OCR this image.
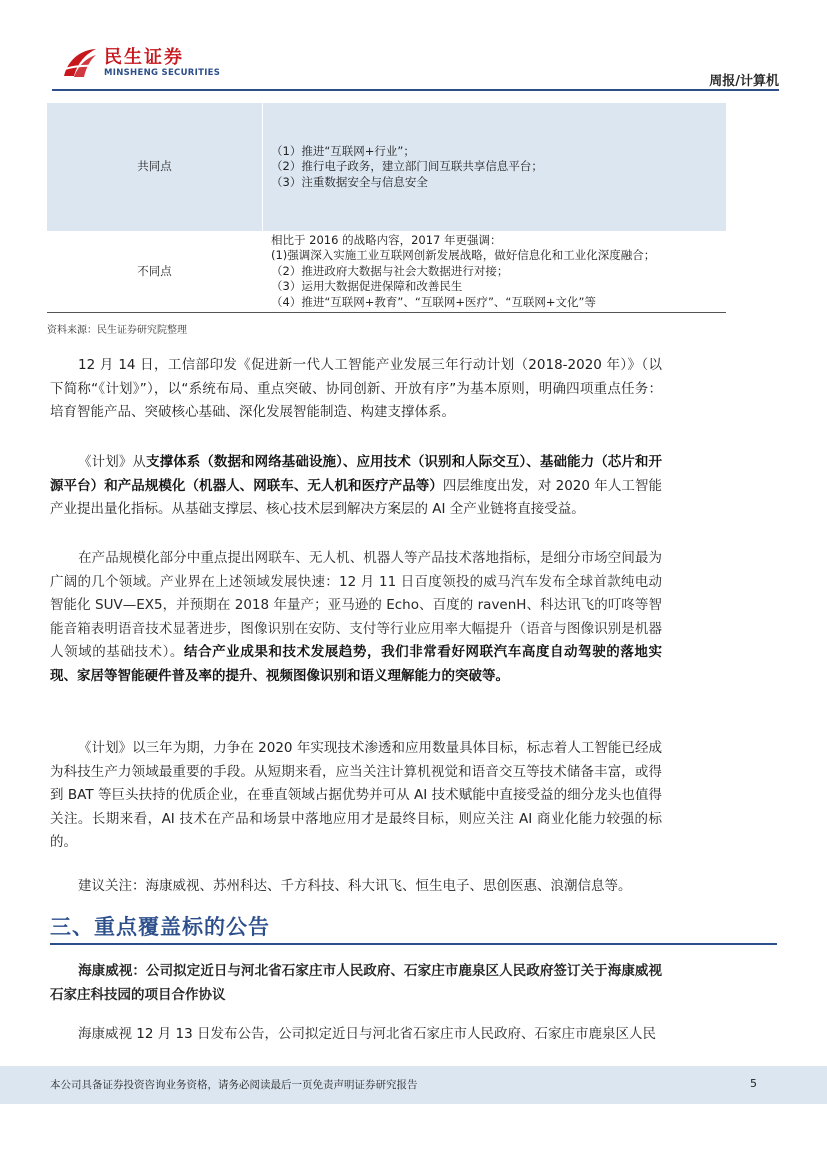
民生证券
MINSHENG SECURITIES
周报/计算机
共同点
（1）推进“互联网+行业”；
（2）推行电子政务，建立部门间互联共享信息平台；
（3）注重数据安全与信息安全
不同点
相比于 2016 的战略内容，2017 年更强调：
(1)强调深入实施工业互联网创新发展战略，做好信息化和工业化深度融合；
（2）推进政府大数据与社会大数据进行对接；
（3）运用大数据促进保障和改善民生
（4）推进“互联网+教育”、“互联网+医疗”、“互联网+文化”等
资料来源：民生证券研究院整理
12 月 14 日，工信部印发《促进新一代人工智能产业发展三年行动计划（2018-2020 年）》（以下简称“《计划》”），以“系统布局、重点突破、协同创新、开放有序”为基本原则，明确四项重点任务：培育智能产品、突破核心基础、深化发展智能制造、构建支撑体系。
《计划》从支撑体系（数据和网络基础设施）、应用技术（识别和人际交互）、基础能力（芯片和开源平台）和产品规模化（机器人、网联车、无人机和医疗产品等）四层维度出发，对 2020 年人工智能产业提出量化指标。从基础支撑层、核心技术层到解决方案层的 AI 全产业链将直接受益。
在产品规模化部分中重点提出网联车、无人机、机器人等产品技术落地指标，是细分市场空间最为广阔的几个领域。产业界在上述领域发展快速：12 月 11 日百度领投的威马汽车发布全球首款纯电动智能化 SUV—EX5，并预期在 2018 年量产；亚马逊的 Echo、百度的 ravenH、科达讯飞的叮咚等智能音箱表明语音技术显著进步，图像识别在安防、支付等行业应用率大幅提升（语音与图像识别是机器人领域的基础技术）。结合产业成果和技术发展趋势，我们非常看好网联汽车高度自动驾驶的落地实现、家居等智能硬件普及率的提升、视频图像识别和语义理解能力的突破等。
《计划》以三年为期，力争在 2020 年实现技术渗透和应用数量具体目标，标志着人工智能已经成为科技生产力领域最重要的手段。从短期来看，应当关注计算机视觉和语音交互等技术储备丰富，或得到 BAT 等巨头扶持的优质企业，在垂直领域占据优势并可从 AI 技术赋能中直接受益的细分龙头也值得关注。长期来看，AI 技术在产品和场景中落地应用才是最终目标，则应关注 AI 商业化能力较强的标的。
建议关注：海康威视、苏州科达、千方科技、科大讯飞、恒生电子、思创医惠、浪潮信息等。
三、重点覆盖标的公告
海康威视：公司拟定近日与河北省石家庄市人民政府、石家庄市鹿泉区人民政府签订关于海康威视石家庄科技园的项目合作协议
海康威视 12 月 13 日发布公告，公司拟定近日与河北省石家庄市人民政府、石家庄市鹿泉区人民
本公司具备证券投资咨询业务资格，请务必阅读最后一页免责声明证券研究报告	5
